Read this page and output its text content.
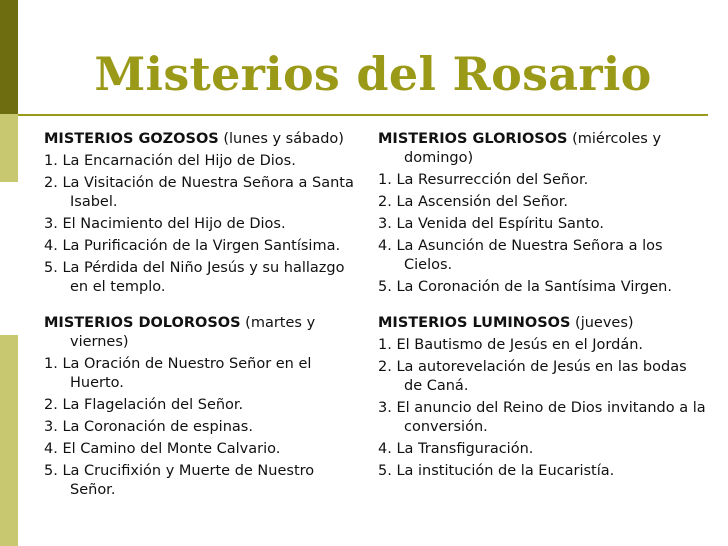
Misterios del Rosario
MISTERIOS GOZOSOS (lunes y sábado)
1. La Encarnación del Hijo de Dios.
2. La Visitación de Nuestra Señora a Santa Isabel.
3. El Nacimiento del Hijo de Dios.
4. La Purificación de la Virgen Santísima.
5. La Pérdida del Niño Jesús y su hallazgo en el templo.
MISTERIOS DOLOROSOS (martes y viernes)
1. La Oración de Nuestro Señor en el Huerto.
2. La Flagelación del Señor.
3. La Coronación de espinas.
4. El Camino del Monte Calvario.
5. La Crucifixión y Muerte de Nuestro Señor.
MISTERIOS GLORIOSOS (miércoles y domingo)
1. La Resurrección del Señor.
2. La Ascensión del Señor.
3. La Venida del Espíritu Santo.
4. La Asunción de Nuestra Señora a los Cielos.
5. La Coronación de la Santísima Virgen.
MISTERIOS LUMINOSOS (jueves)
1. El Bautismo de Jesús en el Jordán.
2. La autorevelación de Jesús en las bodas de Caná.
3. El anuncio del Reino de Dios invitando a la conversión.
4. La Transfiguración.
5. La institución de la Eucaristía.
